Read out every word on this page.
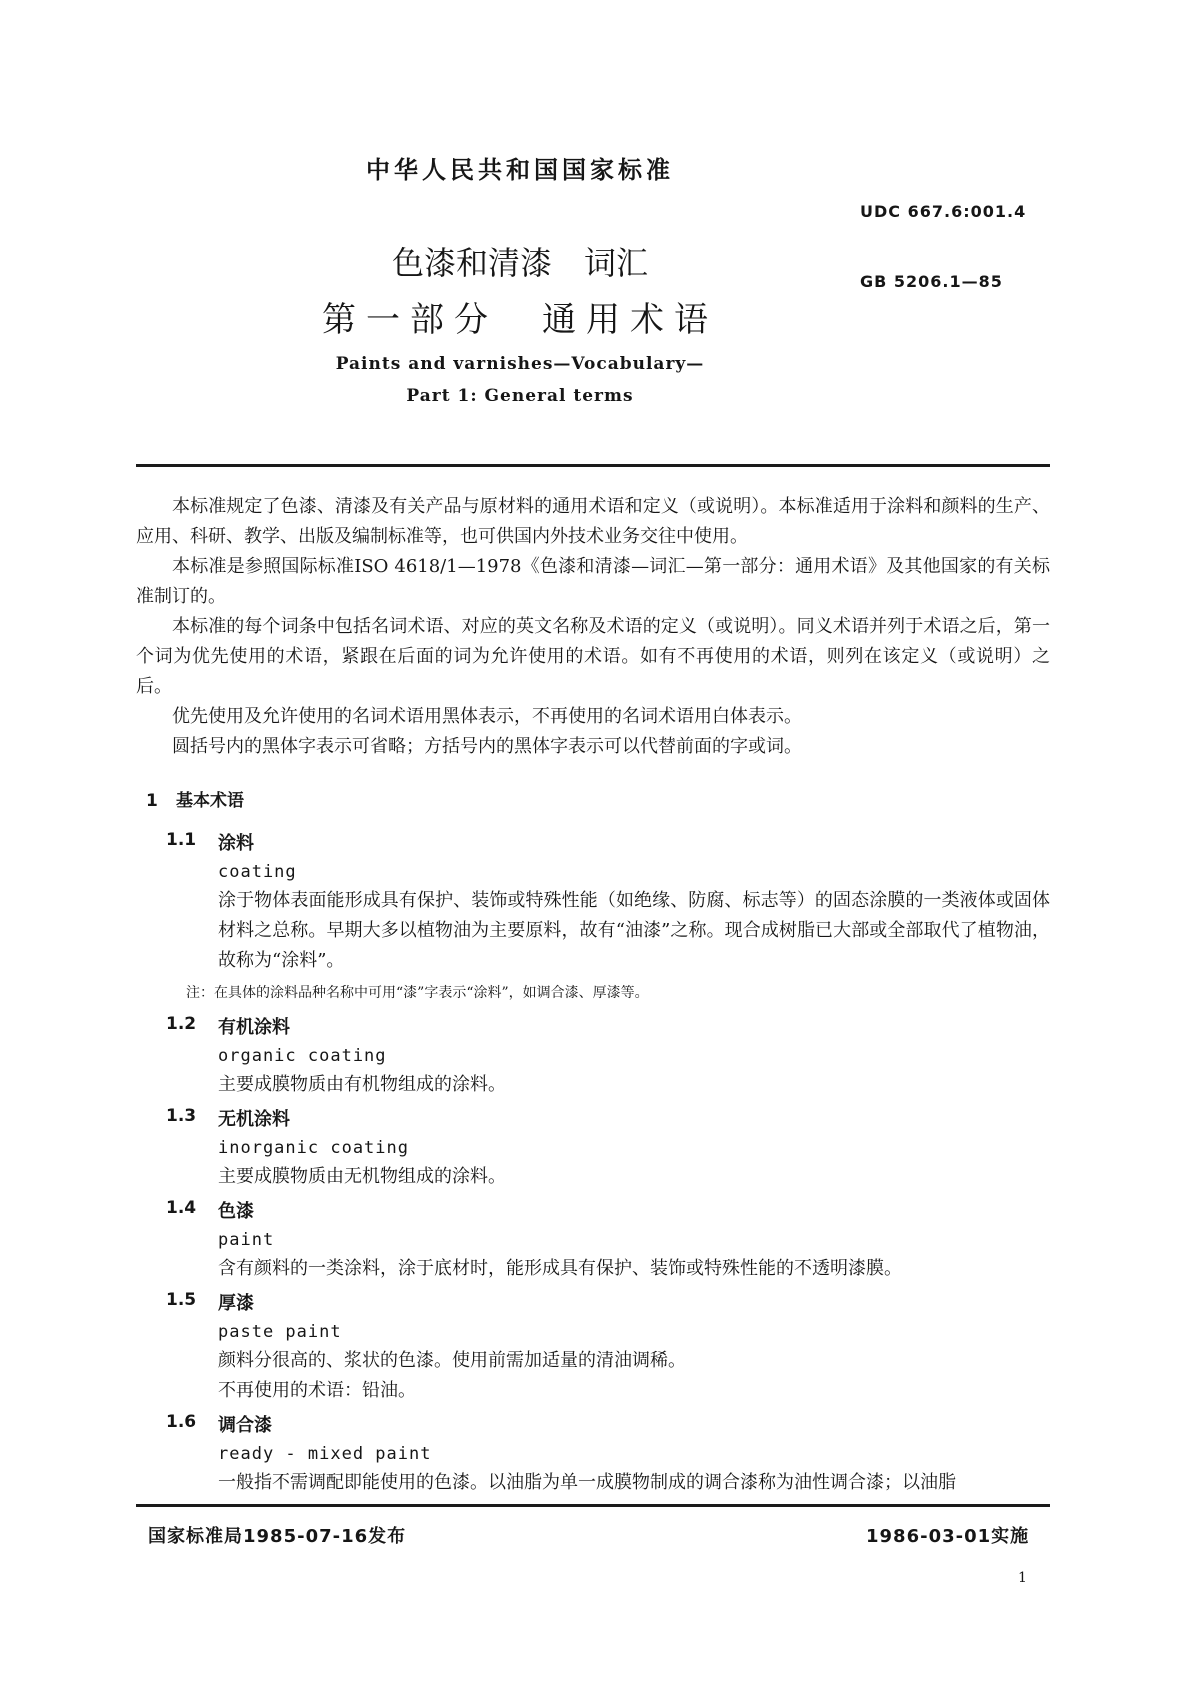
中华人民共和国国家标准
UDC 667.6:001.4
GB 5206.1—85
色漆和清漆　词汇
第一部分　通用术语
Paints and varnishes—Vocabulary—
Part 1: General terms
本标准规定了色漆、清漆及有关产品与原材料的通用术语和定义（或说明）。本标准适用于涂料和颜料的生产、应用、科研、教学、出版及编制标准等，也可供国内外技术业务交往中使用。
本标准是参照国际标准ISO 4618/1—1978《色漆和清漆—词汇—第一部分：通用术语》及其他国家的有关标准制订的。
本标准的每个词条中包括名词术语、对应的英文名称及术语的定义（或说明）。同义术语并列于术语之后，第一个词为优先使用的术语，紧跟在后面的词为允许使用的术语。如有不再使用的术语，则列在该定义（或说明）之后。
优先使用及允许使用的名词术语用黑体表示，不再使用的名词术语用白体表示。
圆括号内的黑体字表示可省略；方括号内的黑体字表示可以代替前面的字或词。
1 基本术语
1.1 涂料
coating
涂于物体表面能形成具有保护、装饰或特殊性能（如绝缘、防腐、标志等）的固态涂膜的一类液体或固体材料之总称。早期大多以植物油为主要原料，故有“油漆”之称。现合成树脂已大部或全部取代了植物油，故称为“涂料”。
注：在具体的涂料品种名称中可用“漆”字表示“涂料”，如调合漆、厚漆等。
1.2 有机涂料
organic coating
主要成膜物质由有机物组成的涂料。
1.3 无机涂料
inorganic coating
主要成膜物质由无机物组成的涂料。
1.4 色漆
paint
含有颜料的一类涂料，涂于底材时，能形成具有保护、装饰或特殊性能的不透明漆膜。
1.5 厚漆
paste paint
颜料分很高的、浆状的色漆。使用前需加适量的清油调稀。
不再使用的术语：铅油。
1.6 调合漆
ready - mixed paint
一般指不需调配即能使用的色漆。以油脂为单一成膜物制成的调合漆称为油性调合漆；以油脂
国家标准局1985-07-16发布	1986-03-01实施
1
